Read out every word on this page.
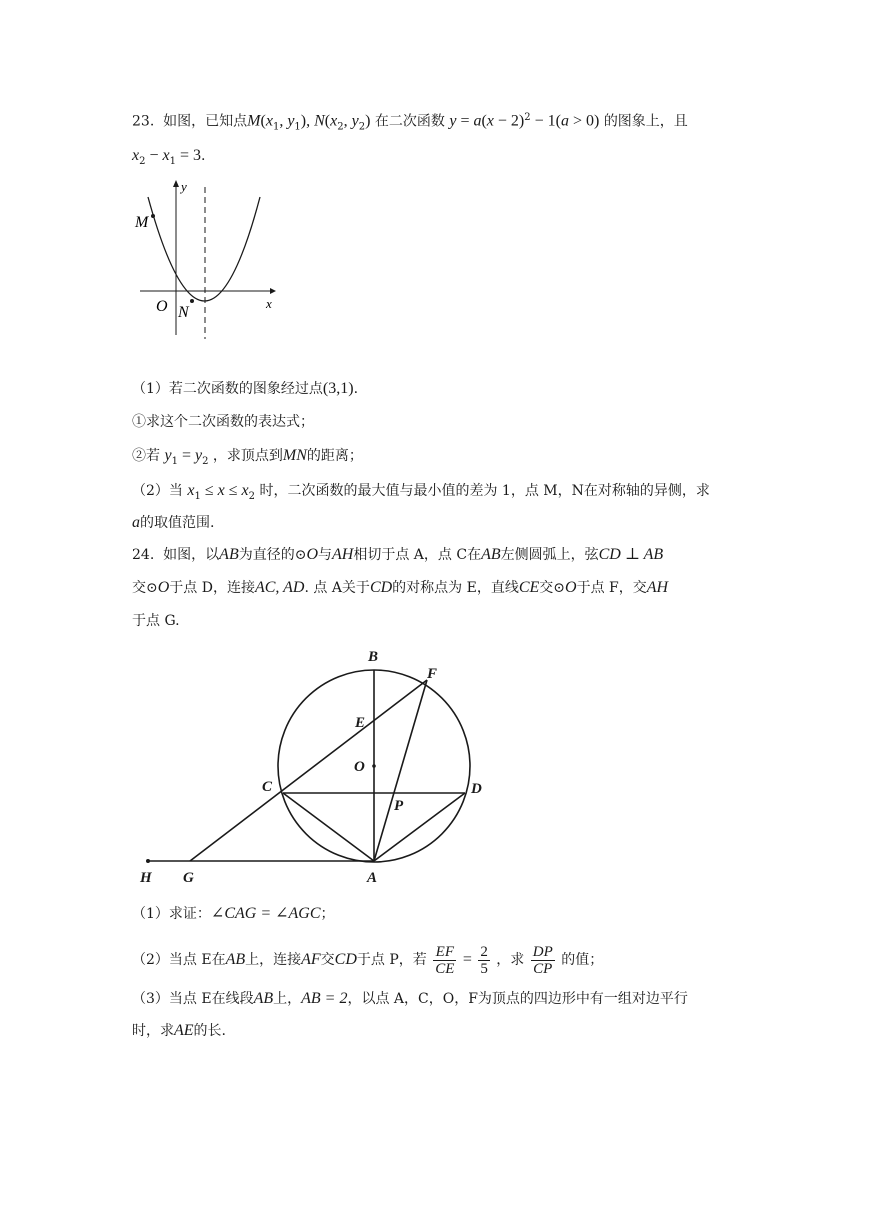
23. 如图，已知点$M(x_1$, $y_1$), $N(x_2$, $y_2$) 在二次函数 $y = a(x - 2)^2 - 1(a > 0)$ 的图象上，且
$x_2 - x_1 = 3$.
y
x
M
O N
（1）若二次函数的图象经过点(3,1).
①求这个二次函数的表达式；
②若 $y_1 = y_2$ ，求顶点到MN的距离；
（2）当 $x_1 \le x \le x_2$ 时，二次函数的最大值与最小值的差为 1，点 M，N在对称轴的异侧，求
a的取值范围.
24. 如图，以AB为直径的⊙O与AH相切于点 A，点 C在AB左侧圆弧上，弦CD ⊥ AB
交⊙O于点 D，连接AC, AD. 点 A关于CD的对称点为 E，直线CE交⊙O于点 F，交AH
于点 G.
B
F
E
O
C	D
P
H G	A
（1）求证：∠CAG = ∠AGC；
（2）当点 E在AB上，连接AF交CD于点 P，若 $\frac{EF}{CE} = \frac{2}{5}$ ，求 $\frac{DP}{CP}$ 的值；
（3）当点 E在线段AB上，AB = 2，以点 A，C，O，F为顶点的四边形中有一组对边平行
时，求AE的长.
